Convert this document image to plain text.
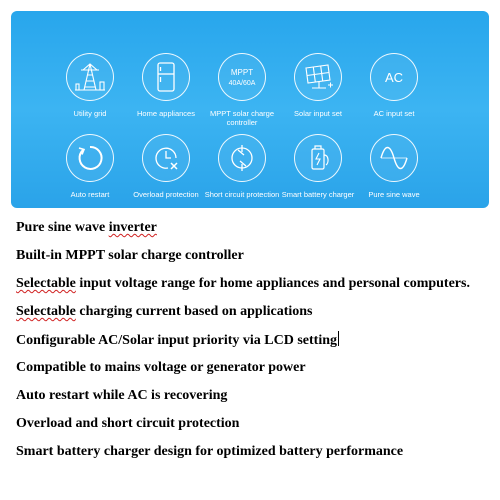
Utility grid	Home appliances
MPPT
40A/60A
MPPT solar charge controller
Solar input set
AC
AC input set
Auto restart	Overload protection Short circuit protection Smart battery charger	Pure sine wave
Pure sine wave inverter
Built-in MPPT solar charge controller
Selectable input voltage range for home appliances and personal computers.
Selectable charging current based on applications
Configurable AC/Solar input priority via LCD setting
Compatible to mains voltage or generator power
Auto restart while AC is recovering
Overload and short circuit protection
Smart battery charger design for optimized battery performance
